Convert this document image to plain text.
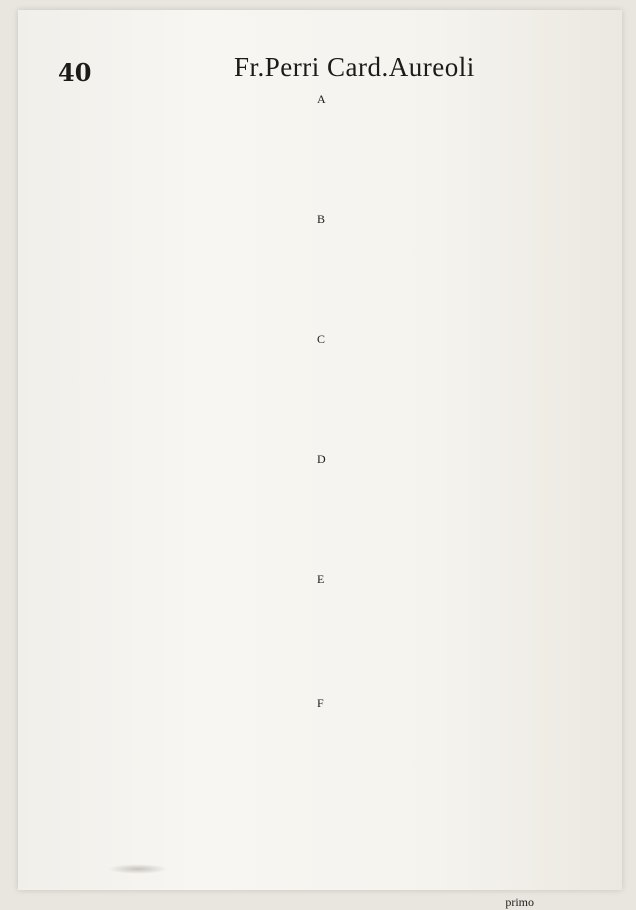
40	Fr.Perri Card.Aureoli
A
B
C
D
E
F
primo
